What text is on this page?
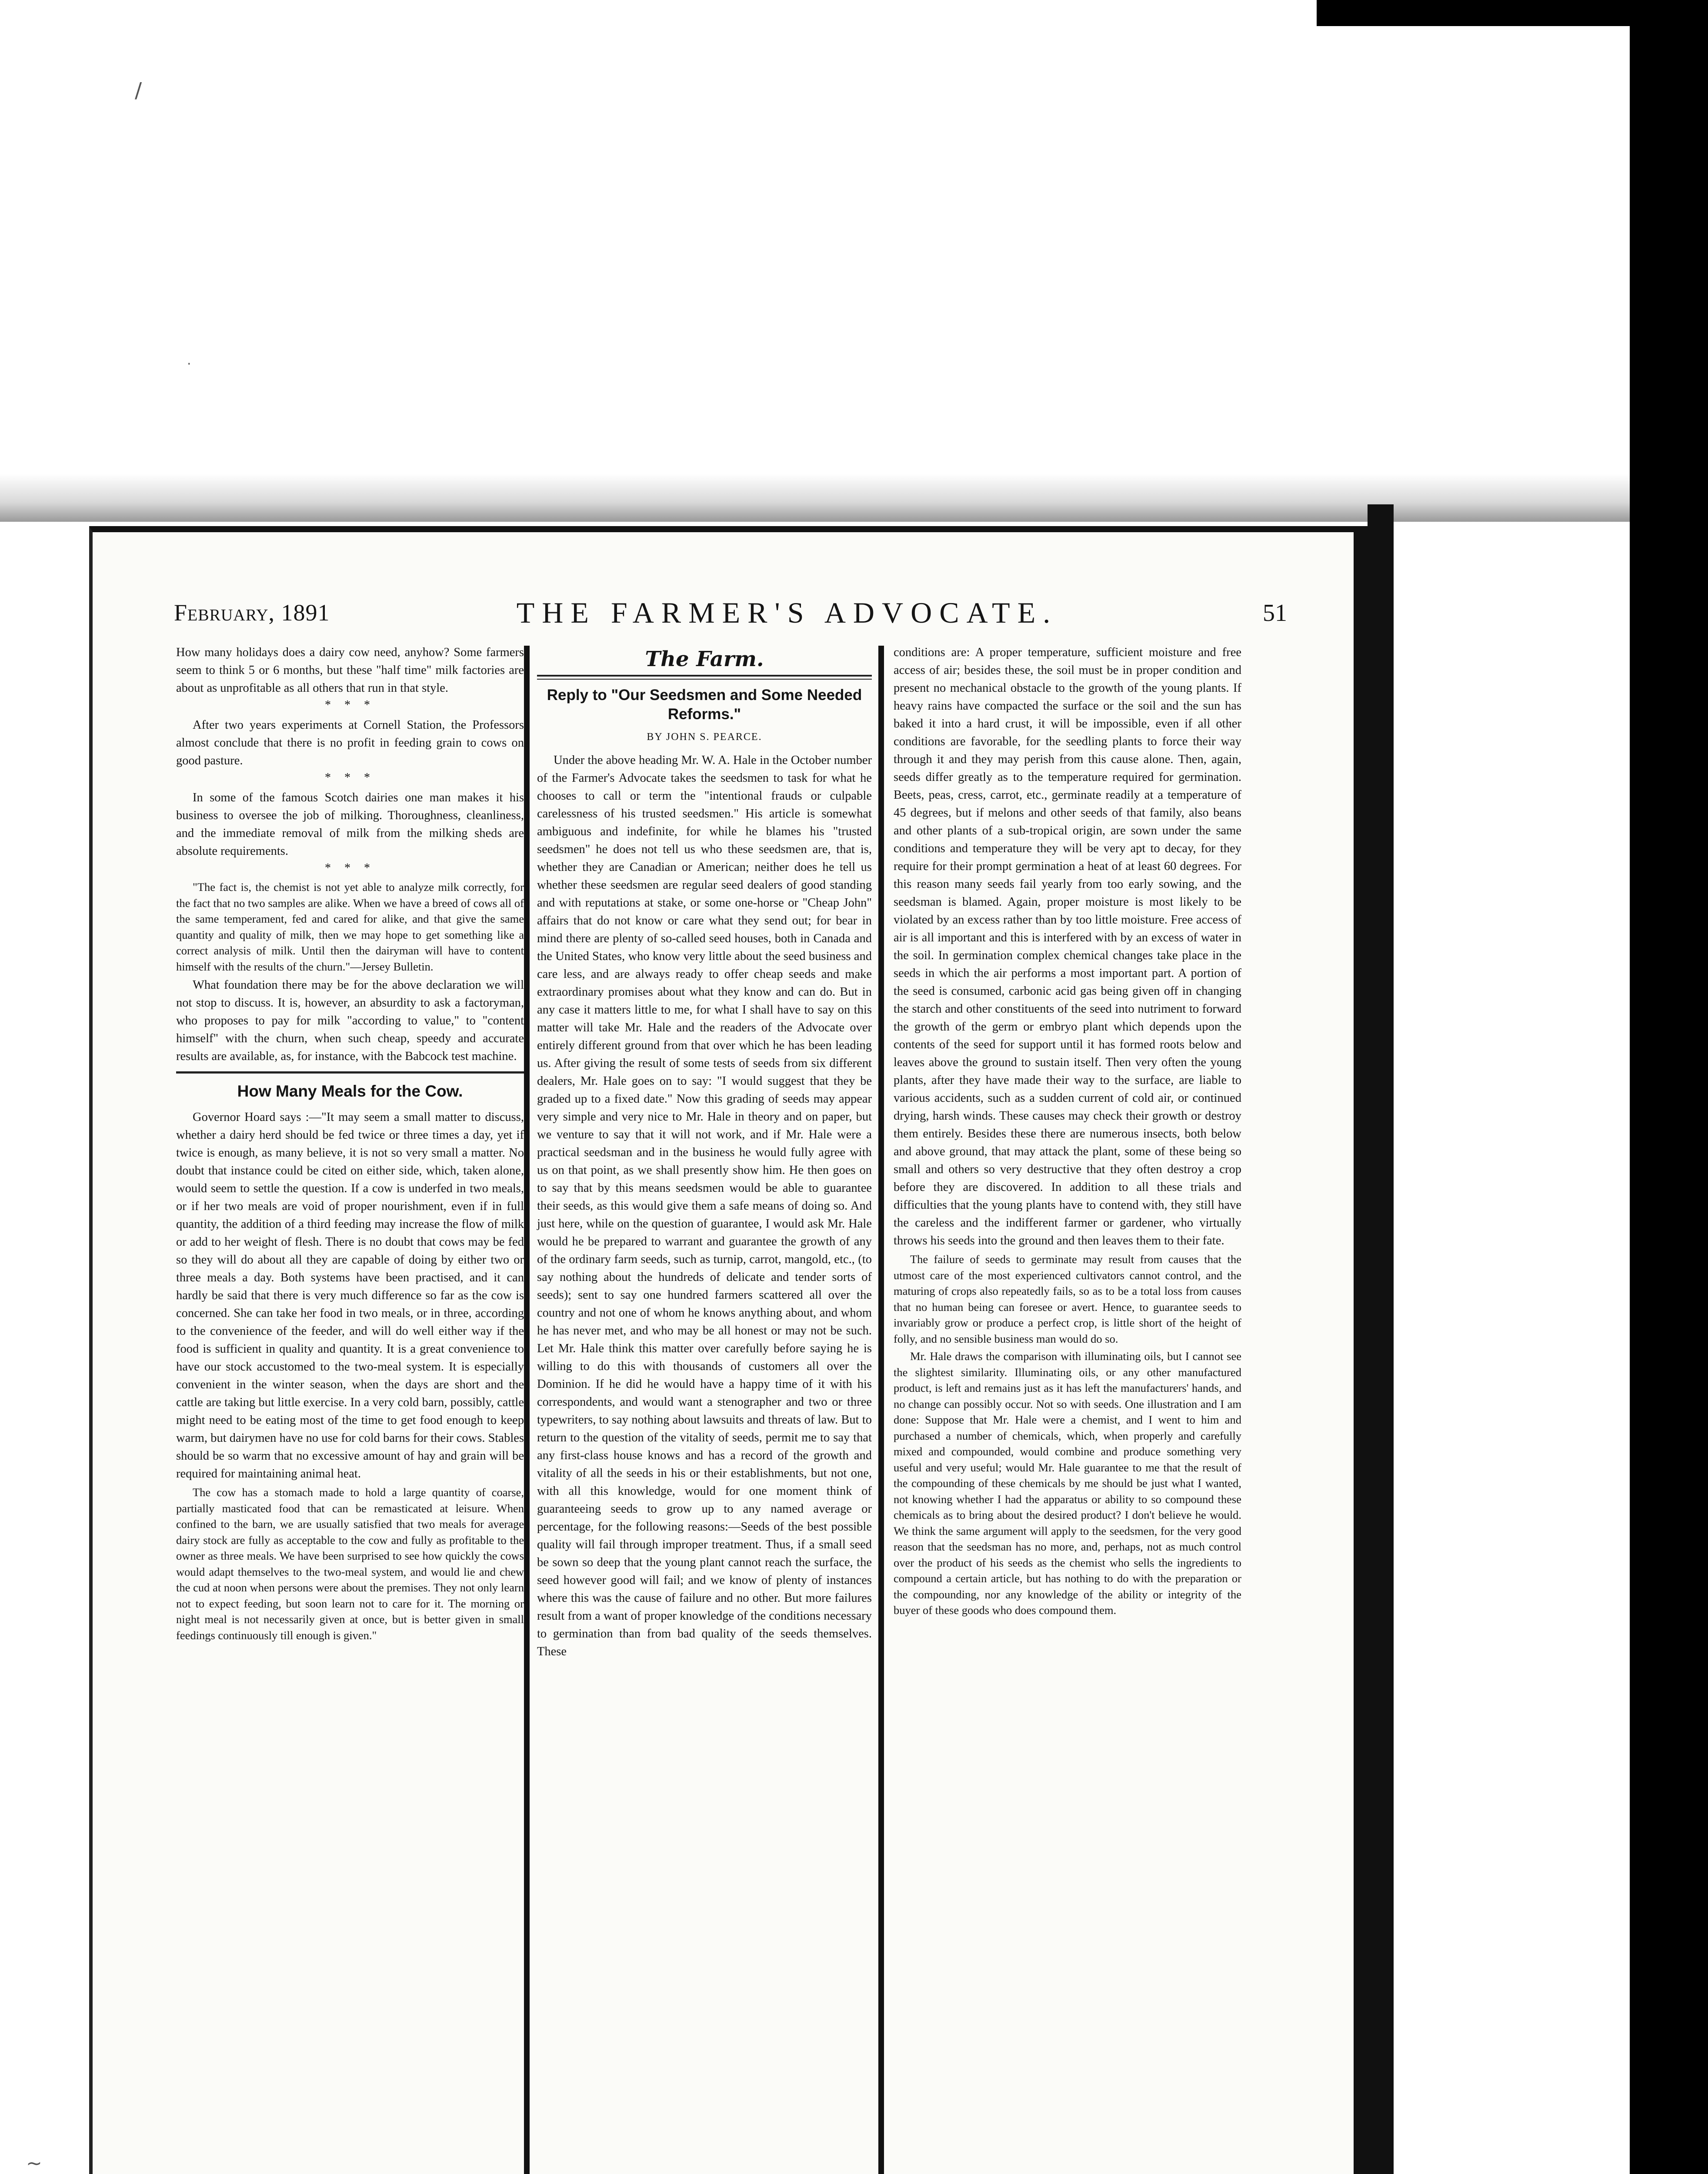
/
·
~
February, 1891	THE FARMER'S ADVOCATE.	51

How many holidays does a dairy cow need, anyhow? Some farmers seem to think 5 or 6 months, but these "half time" milk factories are about as unprofitable as all others that run in that style.

* * *

After two years experiments at Cornell Station, the Professors almost conclude that there is no profit in feeding grain to cows on good pasture.

* * *

In some of the famous Scotch dairies one man makes it his business to oversee the job of milking. Thoroughness, cleanliness, and the immediate removal of milk from the milking sheds are absolute requirements.

* * *

"The fact is, the chemist is not yet able to analyze milk correctly, for the fact that no two samples are alike. When we have a breed of cows all of the same temperament, fed and cared for alike, and that give the same quantity and quality of milk, then we may hope to get something like a correct analysis of milk. Until then the dairyman will have to content himself with the results of the churn."—Jersey Bulletin.

What foundation there may be for the above declaration we will not stop to discuss. It is, however, an absurdity to ask a factoryman, who proposes to pay for milk "according to value," to "content himself" with the churn, when such cheap, speedy and accurate results are available, as, for instance, with the Babcock test machine.

How Many Meals for the Cow.

Governor Hoard says :—"It may seem a small matter to discuss, whether a dairy herd should be fed twice or three times a day, yet if twice is enough, as many believe, it is not so very small a matter. No doubt that instance could be cited on either side, which, taken alone, would seem to settle the question. If a cow is underfed in two meals, or if her two meals are void of proper nourishment, even if in full quantity, the addition of a third feeding may increase the flow of milk or add to her weight of flesh. There is no doubt that cows may be fed so they will do about all they are capable of doing by either two or three meals a day. Both systems have been practised, and it can hardly be said that there is very much difference so far as the cow is concerned. She can take her food in two meals, or in three, according to the convenience of the feeder, and will do well either way if the food is sufficient in quality and quantity. It is a great convenience to have our stock accustomed to the two-meal system. It is especially convenient in the winter season, when the days are short and the cattle are taking but little exercise. In a very cold barn, possibly, cattle might need to be eating most of the time to get food enough to keep warm, but dairymen have no use for cold barns for their cows. Stables should be so warm that no excessive amount of hay and grain will be required for maintaining animal heat.

The cow has a stomach made to hold a large quantity of coarse, partially masticated food that can be remasticated at leisure. When confined to the barn, we are usually satisfied that two meals for average dairy stock are fully as acceptable to the cow and fully as profitable to the owner as three meals. We have been surprised to see how quickly the cows would adapt themselves to the two-meal system, and would lie and chew the cud at noon when persons were about the premises. They not only learn not to expect feeding, but soon learn not to care for it. The morning or night meal is not necessarily given at once, but is better given in small feedings continuously till enough is given."

The Farm.
Reply to "Our Seedsmen and Some Needed Reforms."
BY JOHN S. PEARCE.

Under the above heading Mr. W. A. Hale in the October number of the Farmer's Advocate takes the seedsmen to task for what he chooses to call or term the "intentional frauds or culpable carelessness of his trusted seedsmen." His article is somewhat ambiguous and indefinite, for while he blames his "trusted seedsmen" he does not tell us who these seedsmen are, that is, whether they are Canadian or American; neither does he tell us whether these seedsmen are regular seed dealers of good standing and with reputations at stake, or some one-horse or "Cheap John" affairs that do not know or care what they send out; for bear in mind there are plenty of so-called seed houses, both in Canada and the United States, who know very little about the seed business and care less, and are always ready to offer cheap seeds and make extraordinary promises about what they know and can do. But in any case it matters little to me, for what I shall have to say on this matter will take Mr. Hale and the readers of the Advocate over entirely different ground from that over which he has been leading us. After giving the result of some tests of seeds from six different dealers, Mr. Hale goes on to say: "I would suggest that they be graded up to a fixed date." Now this grading of seeds may appear very simple and very nice to Mr. Hale in theory and on paper, but we venture to say that it will not work, and if Mr. Hale were a practical seedsman and in the business he would fully agree with us on that point, as we shall presently show him. He then goes on to say that by this means seedsmen would be able to guarantee their seeds, as this would give them a safe means of doing so. And just here, while on the question of guarantee, I would ask Mr. Hale would he be prepared to warrant and guarantee the growth of any of the ordinary farm seeds, such as turnip, carrot, mangold, etc., (to say nothing about the hundreds of delicate and tender sorts of seeds); sent to say one hundred farmers scattered all over the country and not one of whom he knows anything about, and whom he has never met, and who may be all honest or may not be such. Let Mr. Hale think this matter over carefully before saying he is willing to do this with thousands of customers all over the Dominion. If he did he would have a happy time of it with his correspondents, and would want a stenographer and two or three typewriters, to say nothing about lawsuits and threats of law. But to return to the question of the vitality of seeds, permit me to say that any first-class house knows and has a record of the growth and vitality of all the seeds in his or their establishments, but not one, with all this knowledge, would for one moment think of guaranteeing seeds to grow up to any named average or percentage, for the following reasons:—Seeds of the best possible quality will fail through improper treatment. Thus, if a small seed be sown so deep that the young plant cannot reach the surface, the seed however good will fail; and we know of plenty of instances where this was the cause of failure and no other. But more failures result from a want of proper knowledge of the conditions necessary to germination than from bad quality of the seeds themselves. These

conditions are: A proper temperature, sufficient moisture and free access of air; besides these, the soil must be in proper condition and present no mechanical obstacle to the growth of the young plants. If heavy rains have compacted the surface or the soil and the sun has baked it into a hard crust, it will be impossible, even if all other conditions are favorable, for the seedling plants to force their way through it and they may perish from this cause alone. Then, again, seeds differ greatly as to the temperature required for germination. Beets, peas, cress, carrot, etc., germinate readily at a temperature of 45 degrees, but if melons and other seeds of that family, also beans and other plants of a sub-tropical origin, are sown under the same conditions and temperature they will be very apt to decay, for they require for their prompt germination a heat of at least 60 degrees. For this reason many seeds fail yearly from too early sowing, and the seedsman is blamed. Again, proper moisture is most likely to be violated by an excess rather than by too little moisture. Free access of air is all important and this is interfered with by an excess of water in the soil. In germination complex chemical changes take place in the seeds in which the air performs a most important part. A portion of the seed is consumed, carbonic acid gas being given off in changing the starch and other constituents of the seed into nutriment to forward the growth of the germ or embryo plant which depends upon the contents of the seed for support until it has formed roots below and leaves above the ground to sustain itself. Then very often the young plants, after they have made their way to the surface, are liable to various accidents, such as a sudden current of cold air, or continued drying, harsh winds. These causes may check their growth or destroy them entirely. Besides these there are numerous insects, both below and above ground, that may attack the plant, some of these being so small and others so very destructive that they often destroy a crop before they are discovered. In addition to all these trials and difficulties that the young plants have to contend with, they still have the careless and the indifferent farmer or gardener, who virtually throws his seeds into the ground and then leaves them to their fate.

The failure of seeds to germinate may result from causes that the utmost care of the most experienced cultivators cannot control, and the maturing of crops also repeatedly fails, so as to be a total loss from causes that no human being can foresee or avert. Hence, to guarantee seeds to invariably grow or produce a perfect crop, is little short of the height of folly, and no sensible business man would do so.

Mr. Hale draws the comparison with illuminating oils, but I cannot see the slightest similarity. Illuminating oils, or any other manufactured product, is left and remains just as it has left the manufacturers' hands, and no change can possibly occur. Not so with seeds. One illustration and I am done: Suppose that Mr. Hale were a chemist, and I went to him and purchased a number of chemicals, which, when properly and carefully mixed and compounded, would combine and produce something very useful and very useful; would Mr. Hale guarantee to me that the result of the compounding of these chemicals by me should be just what I wanted, not knowing whether I had the apparatus or ability to so compound these chemicals as to bring about the desired product? I don't believe he would. We think the same argument will apply to the seedsmen, for the very good reason that the seedsman has no more, and, perhaps, not as much control over the product of his seeds as the chemist who sells the ingredients to compound a certain article, but has nothing to do with the preparation or the compounding, nor any knowledge of the ability or integrity of the buyer of these goods who does compound them.
